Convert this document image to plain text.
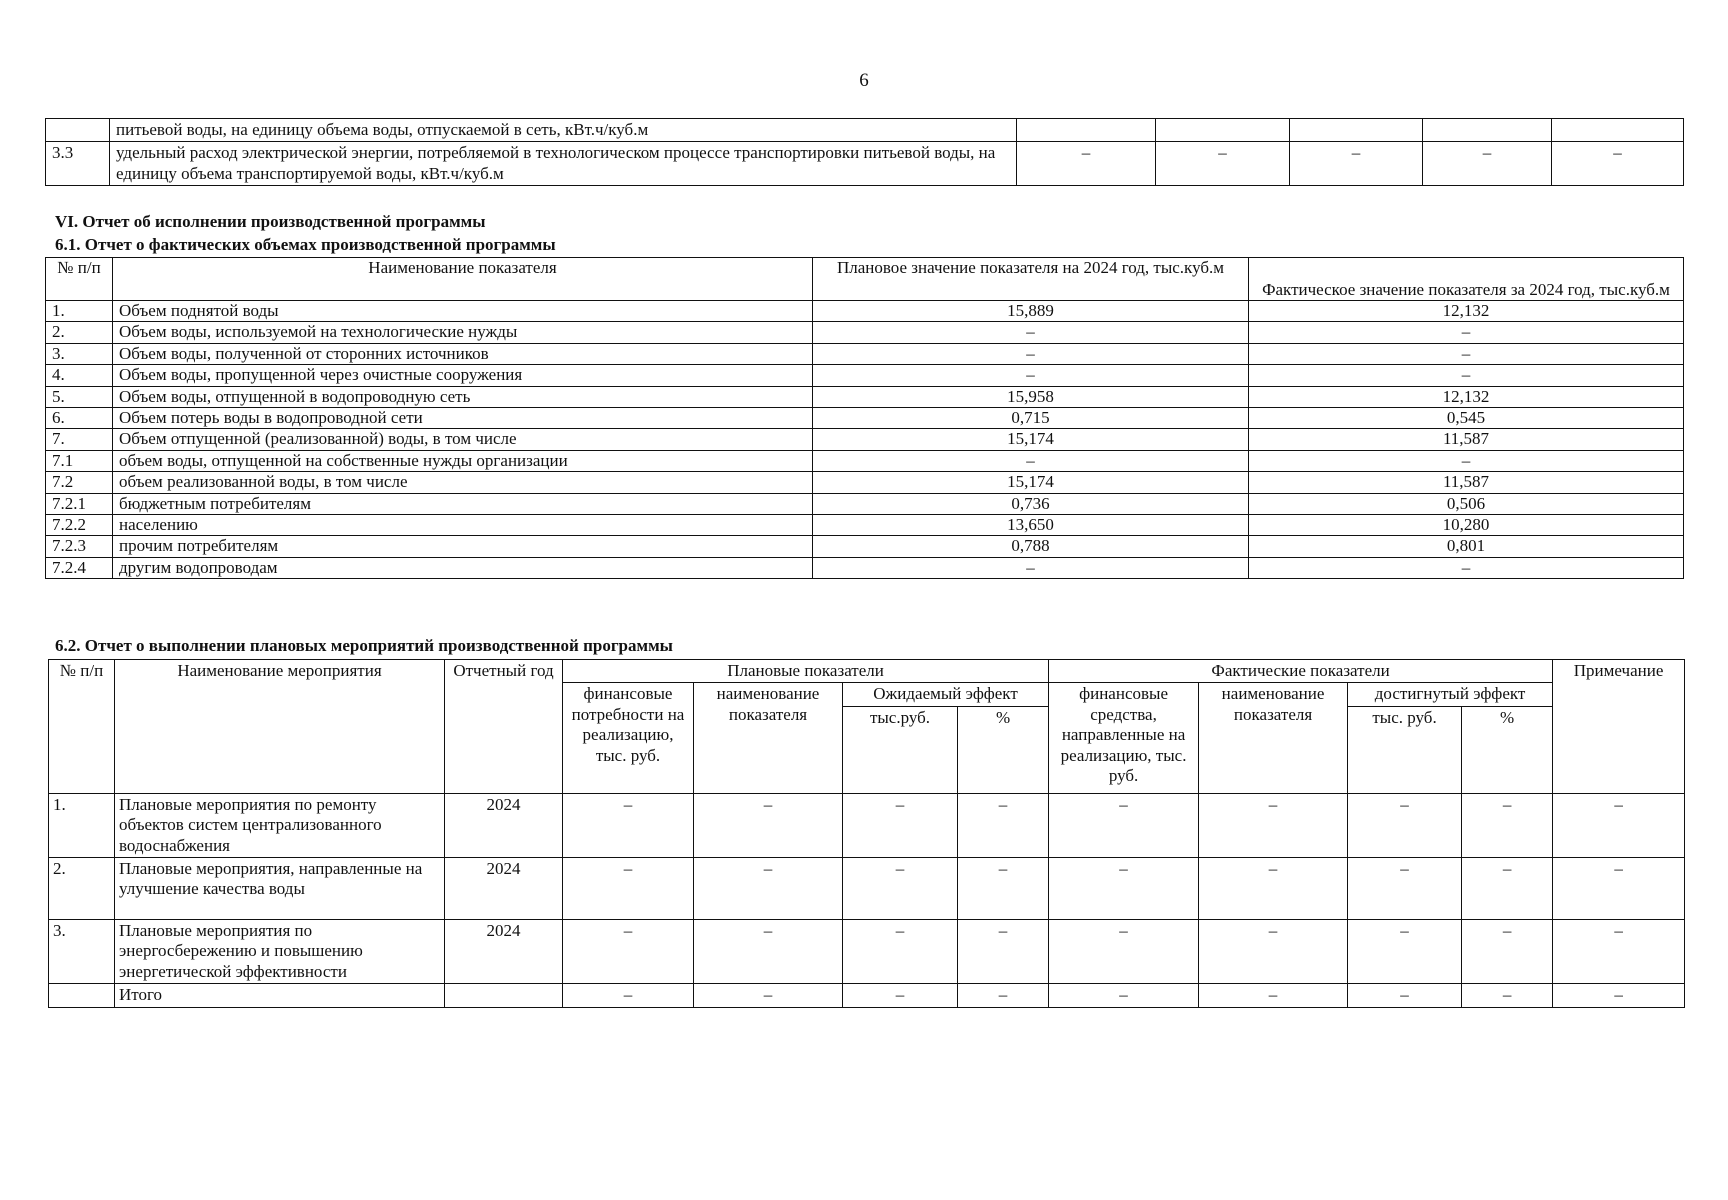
6
	питьевой воды, на единицу объема воды, отпускаемой в сеть, кВт.ч/куб.м					
3.3	удельный расход электрической энергии, потребляемой в технологическом процессе транспортировки питьевой воды, на единицу объема транспортируемой воды, кВт.ч/куб.м	–	–	–	–	–
VI. Отчет об исполнении производственной программы
6.1. Отчет о фактических объемах производственной программы
№ п/п	Наименование показателя	Плановое значение показателя на 2024 год, тыс.куб.м	Фактическое значение показателя за 2024 год, тыс.куб.м
1.	Объем поднятой воды	15,889	12,132
2.	Объем воды, используемой на технологические нужды	–	–
3.	Объем воды, полученной от сторонних источников	–	–
4.	Объем воды, пропущенной через очистные сооружения	–	–
5.	Объем воды, отпущенной в водопроводную сеть	15,958	12,132
6.	Объем потерь воды в водопроводной сети	0,715	0,545
7.	Объем отпущенной (реализованной) воды, в том числе	15,174	11,587
7.1	объем воды, отпущенной на собственные нужды организации	–	–
7.2	объем реализованной воды, в том числе	15,174	11,587
7.2.1	бюджетным потребителям	0,736	0,506
7.2.2	населению	13,650	10,280
7.2.3	прочим потребителям	0,788	0,801
7.2.4	другим водопроводам	–	–
6.2. Отчет о выполнении плановых мероприятий производственной программы
№ п/п	Наименование мероприятия	Отчетный год	Плановые показатели				Фактические показатели				Примечание
			финансовые потребности на реализацию, тыс. руб.	наименование показателя	Ожидаемый эффект		финансовые средства, направленные на реализацию, тыс. руб.	наименование показателя	достигнутый эффект		
					тыс.руб.	%			тыс. руб.	%	
1.	Плановые мероприятия по ремонту объектов систем централизованного водоснабжения	2024	–	–	–	–	–	–	–	–	–
2.	Плановые мероприятия, направленные на улучшение качества воды	2024	–	–	–	–	–	–	–	–	–
3.	Плановые мероприятия по энергосбережению и повышению энергетической эффективности	2024	–	–	–	–	–	–	–	–	–
	Итого		–	–	–	–	–	–	–	–	–
